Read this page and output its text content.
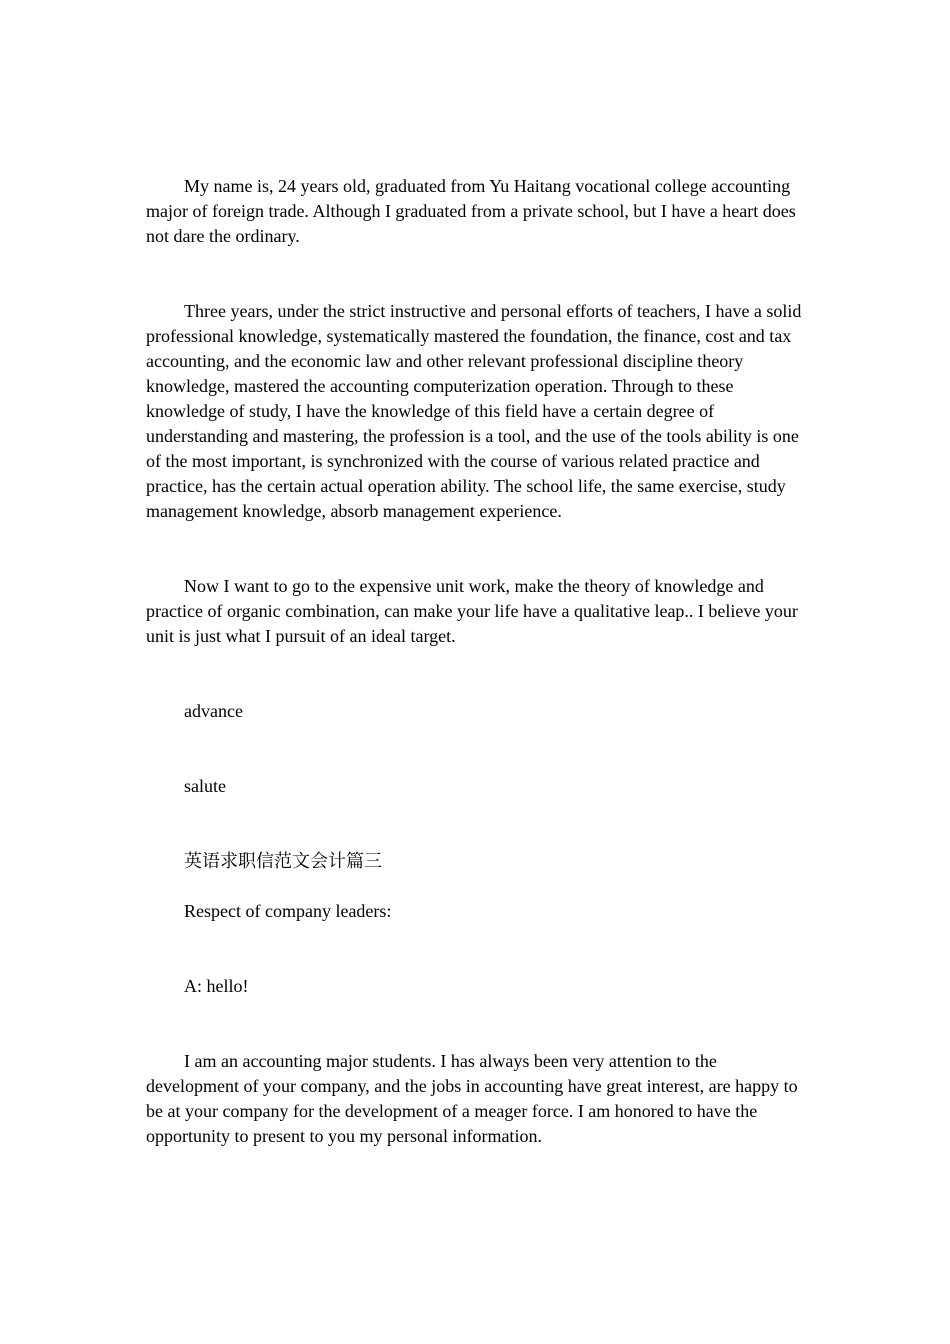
My name is, 24 years old, graduated from Yu Haitang vocational college accounting major of foreign trade. Although I graduated from a private school, but I have a heart does not dare the ordinary.

Three years, under the strict instructive and personal efforts of teachers, I have a solid professional knowledge, systematically mastered the foundation, the finance, cost and tax accounting, and the economic law and other relevant professional discipline theory knowledge, mastered the accounting computerization operation. Through to these knowledge of study, I have the knowledge of this field have a certain degree of understanding and mastering, the profession is a tool, and the use of the tools ability is one of the most important, is synchronized with the course of various related practice and practice, has the certain actual operation ability. The school life, the same exercise, study management knowledge, absorb management experience.

Now I want to go to the expensive unit work, make the theory of knowledge and practice of organic combination, can make your life have a qualitative leap.. I believe your unit is just what I pursuit of an ideal target.

advance

salute

英语求职信范文会计篇三

Respect of company leaders:

A: hello!

I am an accounting major students. I has always been very attention to the development of your company, and the jobs in accounting have great interest, are happy to be at your company for the development of a meager force. I am honored to have the opportunity to present to you my personal information.
